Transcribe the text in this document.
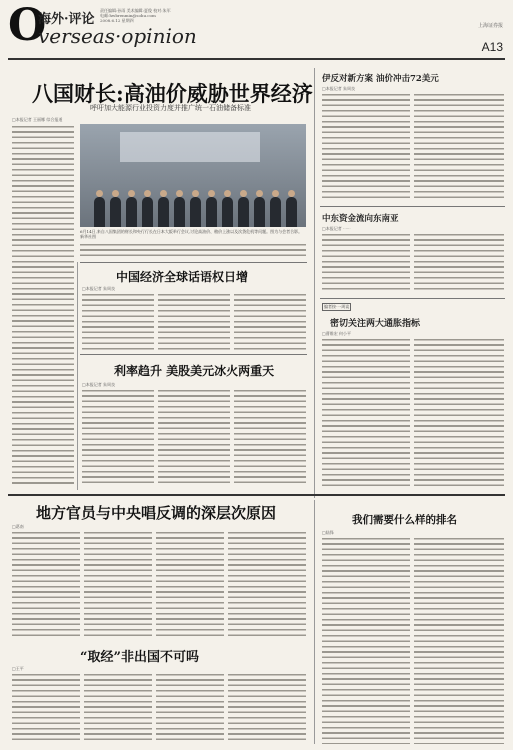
O
海外·评论
verseas·opinion
责任编辑:孙雨 美术编辑:夏俊 校对:朱军
电邮:hwbrenmin@sohu.com
2008.6.12 星期四
上海证券报
A13
八国财长:高油价威胁世界经济
呼吁加大能源行业投资力度并推广统一石油储备标准
□本报记者 王丽娜 综合报道
6月14日,来自八国集团的财长和央行行长在日本大阪举行会议,讨论高油价、粮价上涨以及次贷危机等问题。图为与会者合影。 新华社图
伊反对新方案 油价冲击72美元
□本报记者 朱周良
中东资金流向东南亚
□本报记者 ······
编者按·一周谈
密切关注两大通胀指标
□曹维宏 何小平
中国经济全球话语权日增
□本报记者 朱周良
利率趋升 美股美元冰火两重天
□本报记者 朱周良
地方官员与中央唱反调的深层次原因
□葛南
“取经”非出国不可吗
□王平
我们需要什么样的排名
□陆锋
